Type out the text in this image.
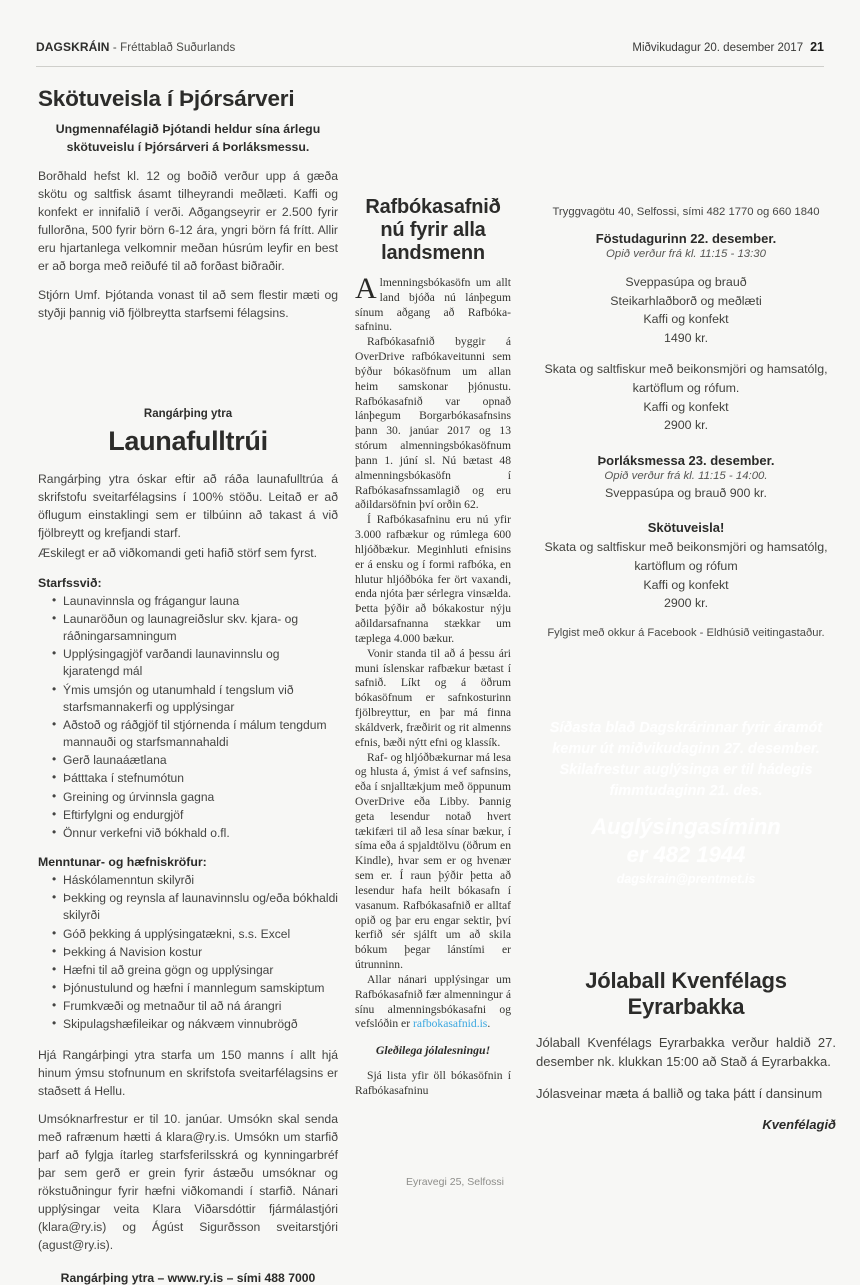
DAGSKRÁIN - Fréttablað Suðurlands	Miðvikudagur 20. desember 2017 21
Skötuveisla í Þjórsárveri
Ungmennafélagið Þjótandi heldur sína árlegu skötuveislu í Þjórsárveri á Þorláksmessu.

Borðhald hefst kl. 12 og boðið verður upp á gæða skötu og saltfisk ásamt tilheyrandi meðlæti. Kaffi og konfekt er innifalið í verði. Aðgangseyrir er 2.500 fyrir fullorðna, 500 fyrir börn 6-12 ára, yngri börn fá frítt. Allir eru hjartanlega velkomnir meðan húsrúm leyfir en best er að borga með reiðufé til að forðast biðraðir.

Stjórn Umf. Þjótanda vonast til að sem flestir mæti og styðji þannig við fjölbreytta starfsemi félagsins.

Rangárþing ytra
Launafulltrúi

Rangárþing ytra óskar eftir að ráða launafulltrúa á skrifstofu sveitarfélagsins í 100% stöðu. Leitað er að öflugum einstaklingi sem er tilbúinn að takast á við fjölbreytt og krefjandi starf.

Æskilegt er að viðkomandi geti hafið störf sem fyrst.

Starfssvið:
• Launavinnsla og frágangur launa
• Launaröðun og launagreiðslur skv. kjara- og ráðningarsamningum
• Upplýsingagjöf varðandi launavinnslu og kjaratengd mál
• Ýmis umsjón og utanumhald í tengslum við starfsmannakerfi og upplýsingar
• Aðstoð og ráðgjöf til stjórnenda í málum tengdum mannauði og starfsmannahaldi
• Gerð launaáætlana
• Þátttaka í stefnumótun
• Greining og úrvinnsla gagna
• Eftirfylgni og endurgjöf
• Önnur verkefni við bókhald o.fl.
Menntunar- og hæfniskröfur:
• Háskólamenntun skilyrði
• Þekking og reynsla af launavinnslu og/eða bókhaldi skilyrði
• Góð þekking á upplýsingatækni, s.s. Excel
• Þekking á Navision kostur
• Hæfni til að greina gögn og upplýsingar
• Þjónustulund og hæfni í mannlegum samskiptum
• Frumkvæði og metnaður til að ná árangri
• Skipulagshæfileikar og nákvæm vinnubrögð

Hjá Rangárþingi ytra starfa um 150 manns í allt hjá hinum ýmsu stofnunum en skrifstofa sveitarfélagsins er staðsett á Hellu.

Umsóknarfrestur er til 10. janúar. Umsókn skal senda með rafrænum hætti á klara@ry.is. Umsókn um starfið þarf að fylgja ítarleg starfsferilsskrá og kynningarbréf þar sem gerð er grein fyrir ástæðu umsóknar og rökstuðningur fyrir hæfni viðkomandi í starfið. Nánari upplýsingar veita Klara Viðarsdóttir fjármálastjóri (klara@ry.is) og Ágúst Sigurðsson sveitarstjóri (agust@ry.is).

Rangárþing ytra – www.ry.is – sími 488 7000
Rafbókasafnið nú fyrir alla landsmenn

Almenningsbókasöfn um allt land bjóða nú lánþegum sínum aðgang að Rafbókasafninu.

Rafbókasafnið byggir á OverDrive rafbókaveitunni sem býður bókasöfnum um allan heim samskonar þjónustu. Rafbókasafnið var opnað lánþegum Borgarbókasafnsins þann 30. janúar 2017 og 13 stórum almenningsbókasöfnum þann 1. júní sl. Nú bætast 48 almenningsbókasöfn í Rafbókasafnssamlagið og eru aðildarsöfnin því orðin 62.

Í Rafbókasafninu eru nú yfir 3.000 rafbækur og rúmlega 600 hljóðbækur. Meginhluti efnisins er á ensku og í formi rafbóka, en hlutur hljóðbóka fer ört vaxandi, enda njóta þær sérlegra vinsælda. Þetta þýðir að bókakostur nýju aðildarsafnanna stækkar um tæplega 4.000 bækur.

Vonir standa til að á þessu ári muni íslenskar rafbækur bætast í safnið. Líkt og á öðrum bókasöfnum er safnkosturinn fjölbreyttur, en þar má finna skáldverk, fræðirit og rit almenns efnis, bæði nýtt efni og klassík.

Raf- og hljóðbækurnar má lesa og hlusta á, ýmist á vef safnsins, eða í snjalltækjum með öppunum OverDrive eða Libby. Þannig geta lesendur notað hvert tækifæri til að lesa sínar bækur, í síma eða á spjaldtölvu (öðrum en Kindle), hvar sem er og hvenær sem er. Í raun þýðir þetta að lesendur hafa heilt bókasafn í vasanum. Rafbókasafnið er alltaf opið og þar eru engar sektir, því kerfið sér sjálft um að skila bókum þegar lánstími er útrunninn.

Allar nánari upplýsingar um Rafbókasafnið fær almenningur á sínu almenningsbókasafni og vefslóðin er rafbokasafnid.is.

Gleðilega jólalesningu!

Sjá lista yfir öll bókasöfnin í Rafbókasafninu

Tryggvagötu 40, Selfossi, sími 482 1770 og 660 1840
Föstudagurinn 22. desember.
Opið verður frá kl. 11:15 - 13:30
Sveppasúpa og brauð
Steikarhlaðborð og meðlæti
Kaffi og konfekt
1490 kr.
Skata og saltfiskur með beikonsmjöri og hamsatólg,
kartöflum og rófum.
Kaffi og konfekt
2900 kr.
Þorláksmessa 23. desember.
Opið verður frá kl. 11:15 - 14:00.
Sveppasúpa og brauð 900 kr.
Skötuveisla!
Skata og saltfiskur með beikonsmjöri og hamsatólg,
kartöflum og rófum
Kaffi og konfekt
2900 kr.
Fylgist með okkur á Facebook - Eldhúsið veitingastaður.
Síðasta blað Dagskrárinnar fyrir áramót kemur út miðvikudaginn 27. desember. Skilafrestur auglýsinga er til hádegis fimmtudaginn 21. des.
Auglýsingasíminn
er 482 1944
dagskrain@prentmet.is
Jólaball Kvenfélags Eyrarbakka

Jólaball Kvenfélags Eyrarbakka verður haldið 27. desember nk. klukkan 15:00 að Stað á Eyrarbakka.

Jólasveinar mæta á ballið og taka þátt í dansinum

Kvenfélagið
Eyravegi 25, Selfossi
